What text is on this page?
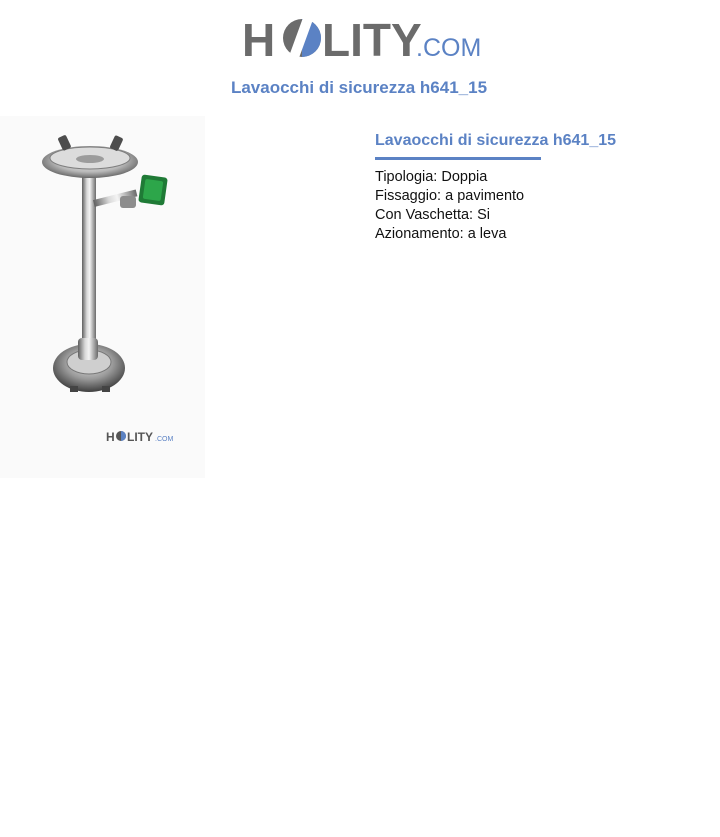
H LITY
.COM
Lavaocchi di sicurezza h641_15
H LITY .COM
Lavaocchi di sicurezza h641_15
Tipologia: Doppia
Fissaggio: a pavimento
Con Vaschetta: Si
Azionamento: a leva
